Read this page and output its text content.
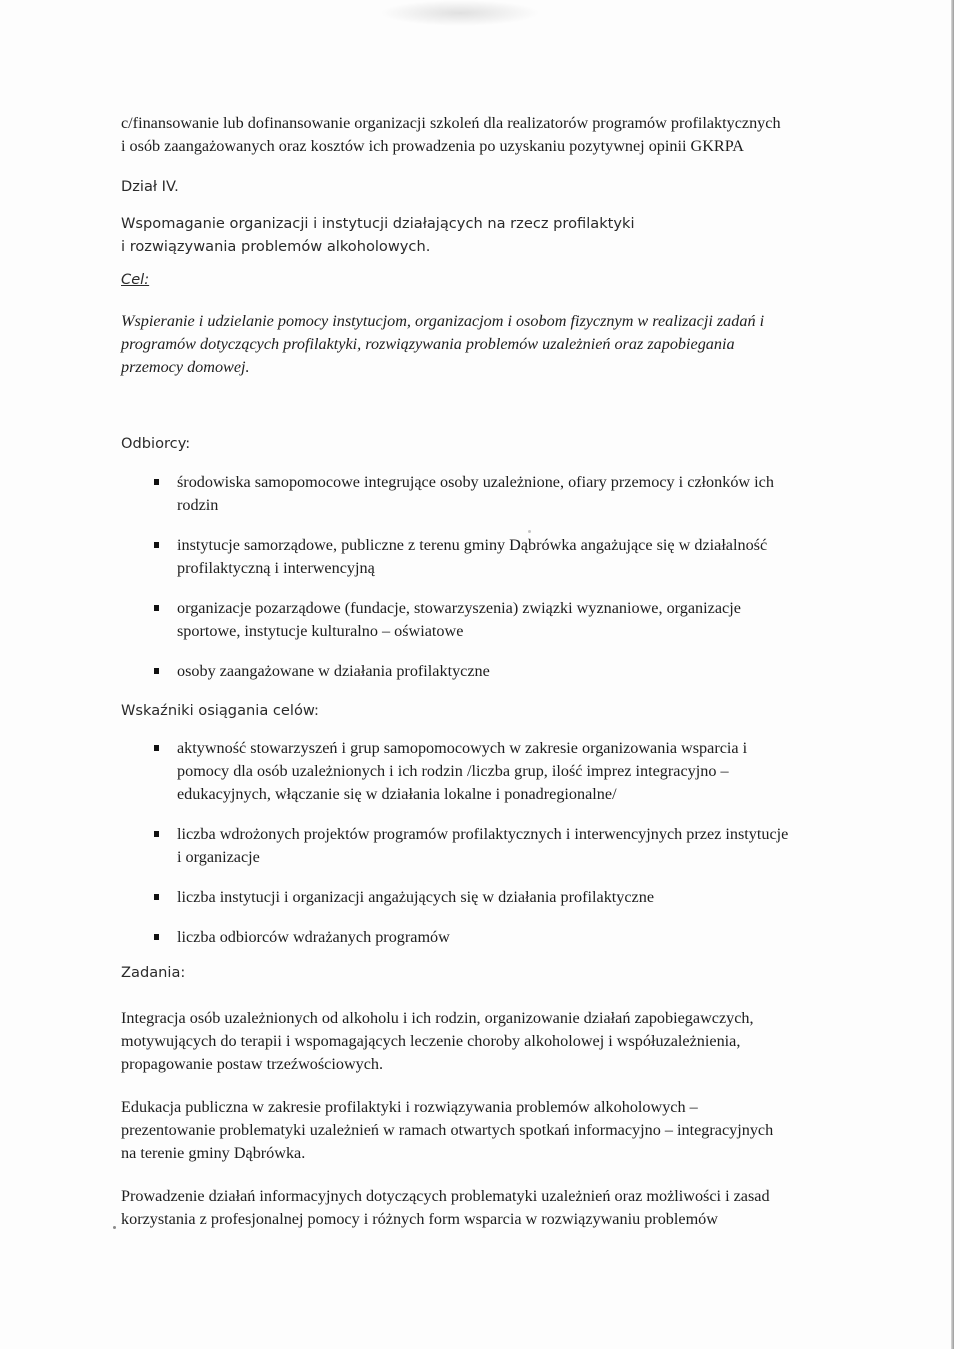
c/finansowanie lub dofinansowanie organizacji szkoleń dla realizatorów programów profilaktycznych

i osób zaangażowanych oraz kosztów ich prowadzenia po uzyskaniu pozytywnej opinii GKRPA

Dział IV.

Wspomaganie organizacji i instytucji działających na rzecz profilaktyki

i rozwiązywania problemów alkoholowych.

Cel:

Wspieranie i udzielanie pomocy instytucjom, organizacjom i osobom fizycznym w realizacji zadań i

programów dotyczących profilaktyki, rozwiązywania problemów uzależnień oraz zapobiegania

przemocy domowej.

Odbiorcy:

środowiska samopomocowe integrujące osoby uzależnione, ofiary przemocy i członków ich

rodzin

instytucje samorządowe, publiczne z terenu gminy Dąbrówka angażujące się w działalność

profilaktyczną i interwencyjną

organizacje pozarządowe (fundacje, stowarzyszenia) związki wyznaniowe, organizacje

sportowe, instytucje kulturalno – oświatowe

osoby zaangażowane w działania profilaktyczne

Wskaźniki osiągania celów:

aktywność stowarzyszeń i grup samopomocowych w zakresie organizowania wsparcia i

pomocy dla osób uzależnionych i ich rodzin /liczba grup, ilość imprez integracyjno –

edukacyjnych, włączanie się w działania lokalne i ponadregionalne/

liczba wdrożonych projektów programów profilaktycznych i interwencyjnych przez instytucje

i organizacje

liczba instytucji i organizacji angażujących się w działania profilaktyczne

liczba odbiorców wdrażanych programów

Zadania:

Integracja osób uzależnionych od alkoholu i ich rodzin, organizowanie działań zapobiegawczych,

motywujących do terapii i wspomagających leczenie choroby alkoholowej i współuzależnienia,

propagowanie postaw trzeźwościowych.

Edukacja publiczna w zakresie profilaktyki i rozwiązywania problemów alkoholowych –

prezentowanie problematyki uzależnień w ramach otwartych spotkań informacyjno – integracyjnych

na terenie gminy Dąbrówka.

Prowadzenie działań informacyjnych dotyczących problematyki uzależnień oraz możliwości i zasad

korzystania z profesjonalnej pomocy i różnych form wsparcia w rozwiązywaniu problemów
